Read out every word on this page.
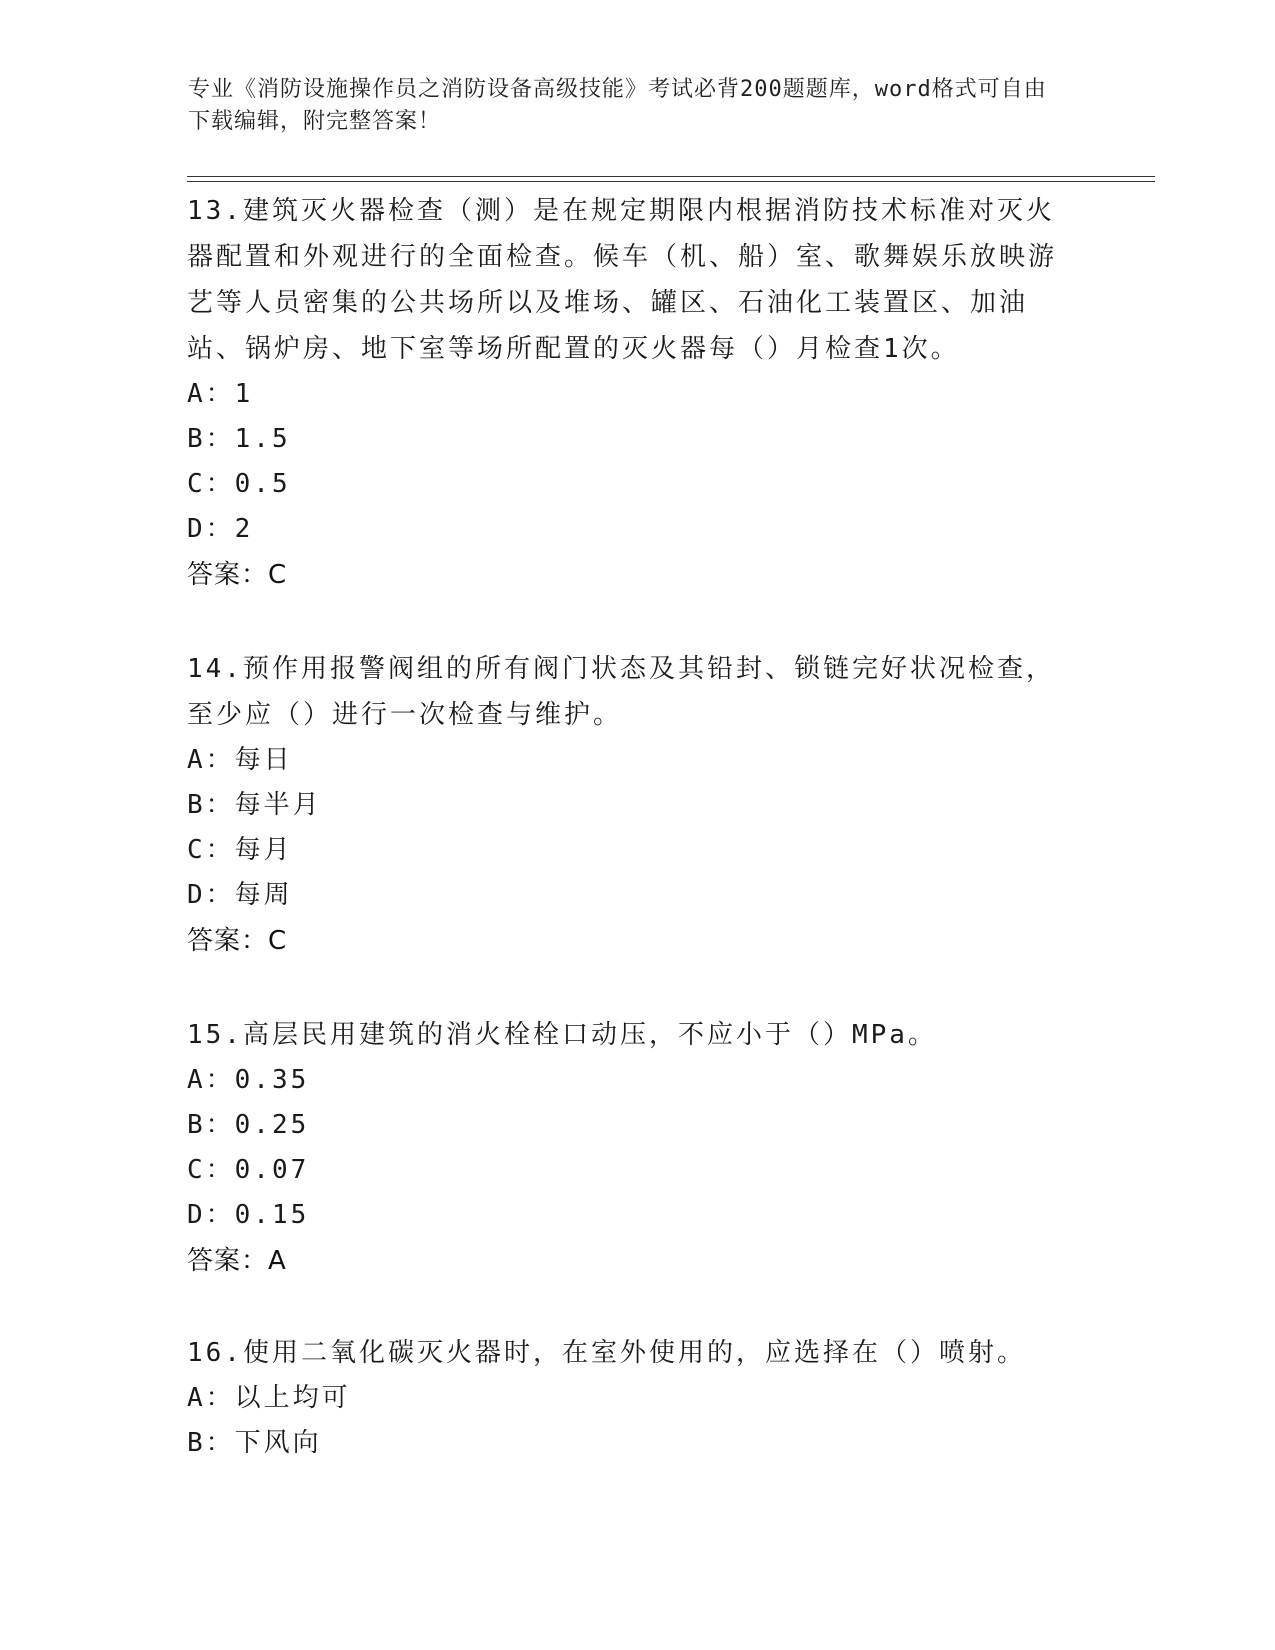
专业《消防设施操作员之消防设备高级技能》考试必背200题题库，word格式可自由下载编辑，附完整答案！

13.建筑灭火器检查（测）是在规定期限内根据消防技术标准对灭火器配置和外观进行的全面检查。候车（机、船）室、歌舞娱乐放映游艺等人员密集的公共场所以及堆场、罐区、石油化工装置区、加油站、锅炉房、地下室等场所配置的灭火器每（）月检查1次。

A：1
B：1.5
C：0.5
D：2

答案：C

14.预作用报警阀组的所有阀门状态及其铅封、锁链完好状况检查，至少应（）进行一次检查与维护。

A：每日
B：每半月
C：每月
D：每周

答案：C

15.高层民用建筑的消火栓栓口动压，不应小于（）MPa。

A：0.35
B：0.25
C：0.07
D：0.15

答案：A

16.使用二氧化碳灭火器时，在室外使用的，应选择在（）喷射。

A：以上均可
B：下风向
